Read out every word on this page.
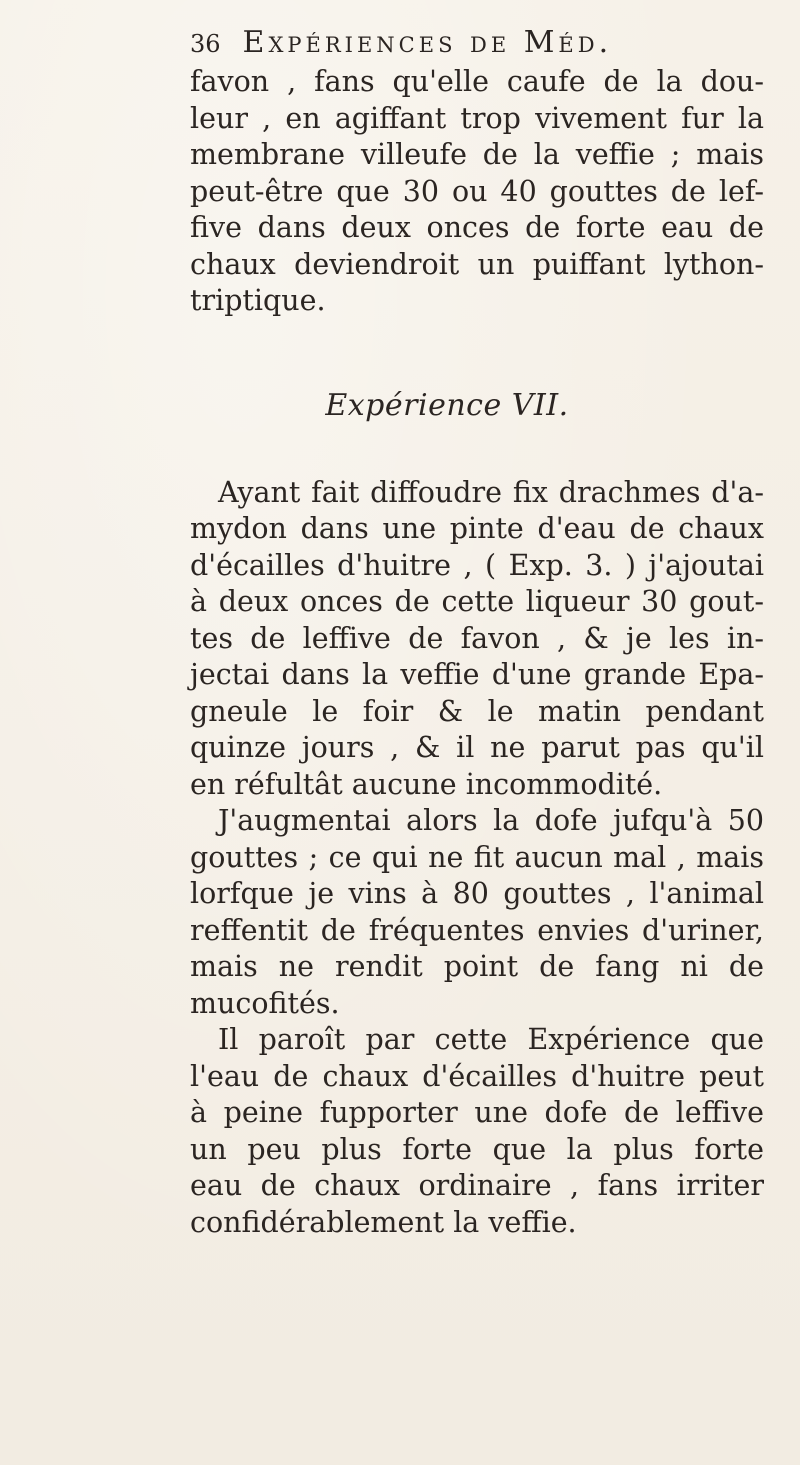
36 Expériences de Méd.

favon , fans qu'elle caufe de la dou-
leur , en agiffant trop vivement fur la
membrane villeufe de la veffie ; mais
peut-être que 30 ou 40 gouttes de lef-
five dans deux onces de forte eau de
chaux deviendroit un puiffant lython-
triptique.

Expérience VII.

Ayant fait diffoudre fix drachmes d'a-
mydon dans une pinte d'eau de chaux
d'écailles d'huitre , ( Exp. 3. ) j'ajoutai
à deux onces de cette liqueur 30 gout-
tes de leffive de favon , & je les in-
jectai dans la veffie d'une grande Epa-
gneule le foir & le matin pendant
quinze jours , & il ne parut pas qu'il
en réfultât aucune incommodité.

J'augmentai alors la dofe jufqu'à 50
gouttes ; ce qui ne fit aucun mal , mais
lorfque je vins à 80 gouttes , l'animal
reffentit de fréquentes envies d'uriner,
mais ne rendit point de fang ni de
mucofités.

Il paroît par cette Expérience que
l'eau de chaux d'écailles d'huitre peut
à peine fupporter une dofe de leffive
un peu plus forte que la plus forte
eau de chaux ordinaire , fans irriter
confidérablement la veffie.
